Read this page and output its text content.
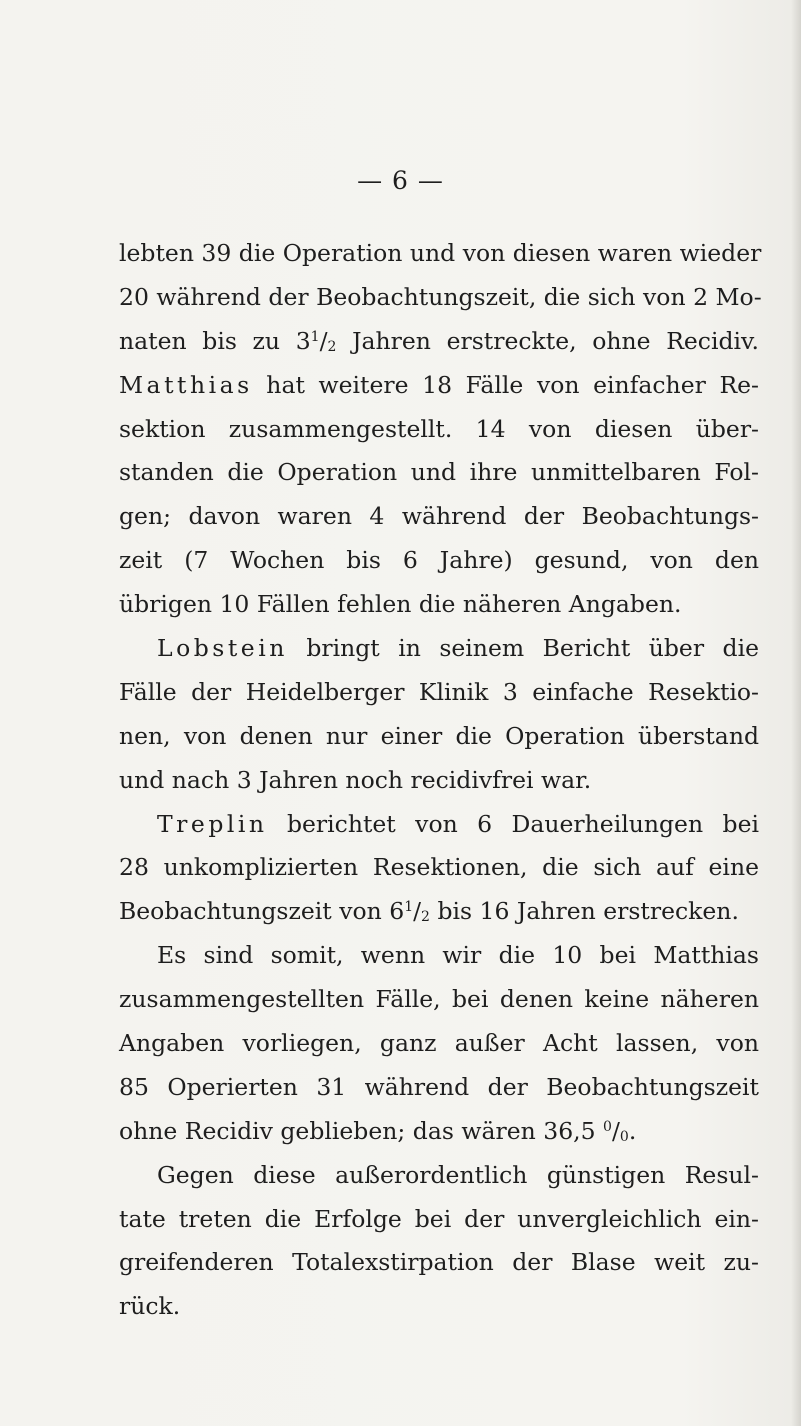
— 6 —
lebten 39 die Operation und von diesen waren wieder
20 während der Beobachtungszeit, die sich von 2 Mo-
naten bis zu $3^1/_2$ Jahren erstreckte, ohne Recidiv.
Matthias hat weitere 18 Fälle von einfacher Re-
sektion zusammengestellt. 14 von diesen über-
standen die Operation und ihre unmittelbaren Fol-
gen; davon waren 4 während der Beobachtungs-
zeit (7 Wochen bis 6 Jahre) gesund, von den
übrigen 10 Fällen fehlen die näheren Angaben.
Lobstein bringt in seinem Bericht über die
Fälle der Heidelberger Klinik 3 einfache Resektio-
nen, von denen nur einer die Operation überstand
und nach 3 Jahren noch recidivfrei war.
Treplin berichtet von 6 Dauerheilungen bei
28 unkomplizierten Resektionen, die sich auf eine
Beobachtungszeit von $6^1/_2$ bis 16 Jahren erstrecken.
Es sind somit, wenn wir die 10 bei Matthias
zusammengestellten Fälle, bei denen keine näheren
Angaben vorliegen, ganz außer Acht lassen, von
85 Operierten 31 während der Beobachtungszeit
ohne Recidiv geblieben; das wären 36,5 $^0/_0$.
Gegen diese außerordentlich günstigen Resul-
tate treten die Erfolge bei der unvergleichlich ein-
greifenderen Totalexstirpation der Blase weit zu-
rück.
